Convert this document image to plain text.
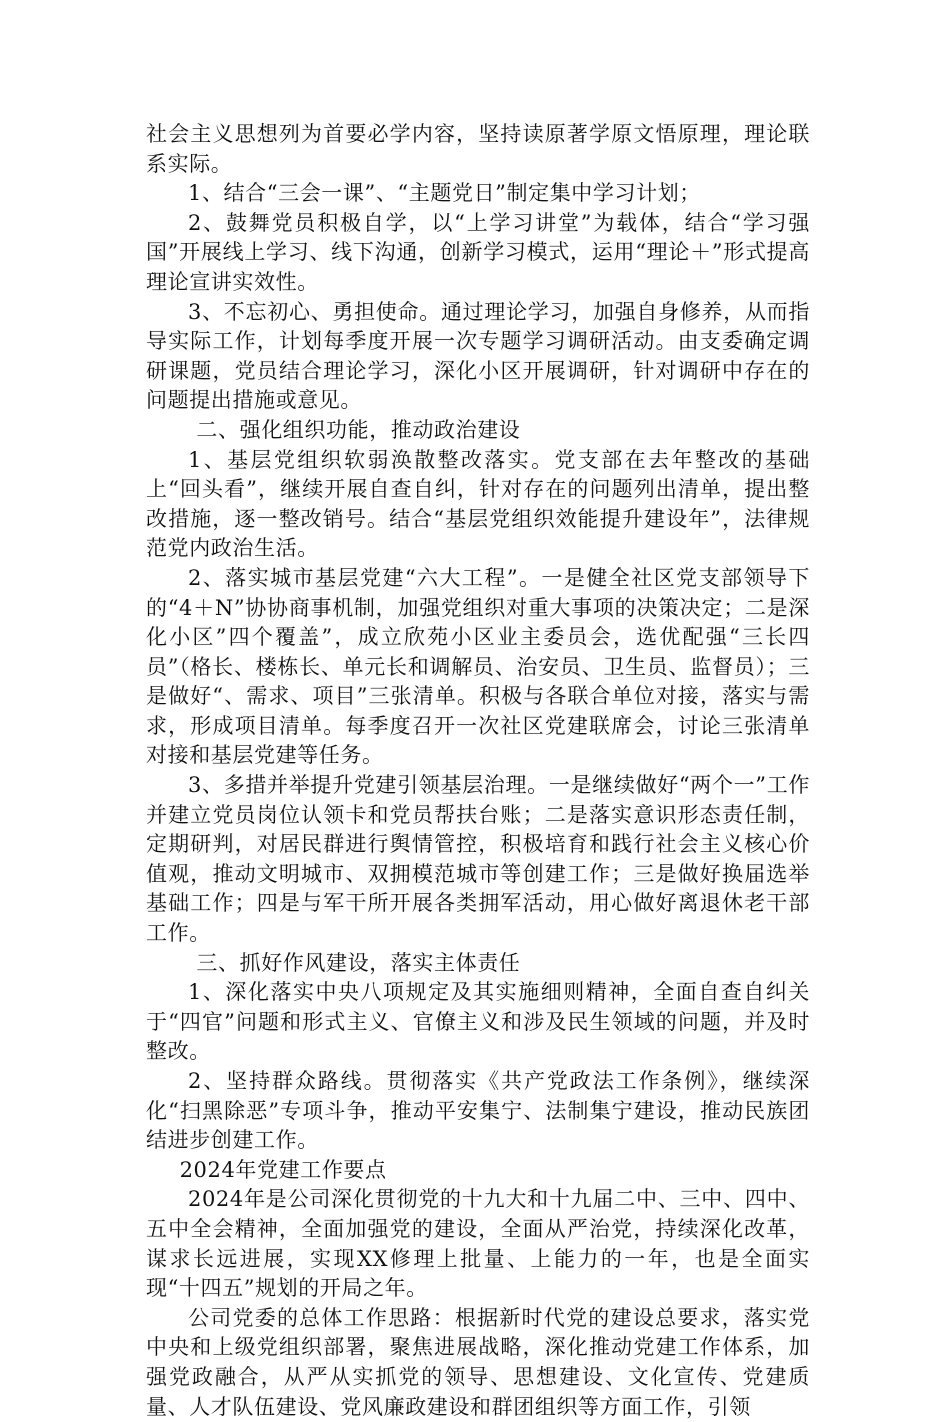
社会主义思想列为首要必学内容，坚持读原著学原文悟原理，理论联系实际。

1、结合“三会一课”、“主题党日”制定集中学习计划；

2、鼓舞党员积极自学，以“上学习讲堂”为载体，结合“学习强国”开展线上学习、线下沟通，创新学习模式，运用“理论＋”形式提高理论宣讲实效性。

3、不忘初心、勇担使命。通过理论学习，加强自身修养，从而指导实际工作，计划每季度开展一次专题学习调研活动。由支委确定调研课题，党员结合理论学习，深化小区开展调研，针对调研中存在的问题提出措施或意见。

二、强化组织功能，推动政治建设

1、基层党组织软弱涣散整改落实。党支部在去年整改的基础上“回头看”，继续开展自查自纠，针对存在的问题列出清单，提出整改措施，逐一整改销号。结合“基层党组织效能提升建设年”，法律规范党内政治生活。

2、落实城市基层党建“六大工程”。一是健全社区党支部领导下的“4＋N”协协商事机制，加强党组织对重大事项的决策决定；二是深化小区”四个覆盖”，成立欣苑小区业主委员会，选优配强“三长四员”（格长、楼栋长、单元长和调解员、治安员、卫生员、监督员）；三是做好“、需求、项目”三张清单。积极与各联合单位对接，落实与需求，形成项目清单。每季度召开一次社区党建联席会，讨论三张清单对接和基层党建等任务。

3、多措并举提升党建引领基层治理。一是继续做好“两个一”工作并建立党员岗位认领卡和党员帮扶台账；二是落实意识形态责任制，定期研判，对居民群进行舆情管控，积极培育和践行社会主义核心价值观，推动文明城市、双拥模范城市等创建工作；三是做好换届选举基础工作；四是与军干所开展各类拥军活动，用心做好离退休老干部工作。

三、抓好作风建设，落实主体责任

1、深化落实中央八项规定及其实施细则精神，全面自查自纠关于“四官”问题和形式主义、官僚主义和涉及民生领域的问题，并及时整改。

2、坚持群众路线。贯彻落实《共产党政法工作条例》，继续深化“扫黑除恶”专项斗争，推动平安集宁、法制集宁建设，推动民族团结进步创建工作。

2024年党建工作要点

2024年是公司深化贯彻党的十九大和十九届二中、三中、四中、五中全会精神，全面加强党的建设，全面从严治党，持续深化改革，谋求长远进展，实现XX修理上批量、上能力的一年，也是全面实现“十四五”规划的开局之年。

公司党委的总体工作思路：根据新时代党的建设总要求，落实党中央和上级党组织部署，聚焦进展战略，深化推动党建工作体系，加强党政融合，从严从实抓党的领导、思想建设、文化宣传、党建质量、人才队伍建设、党风廉政建设和群团组织等方面工作，引领
